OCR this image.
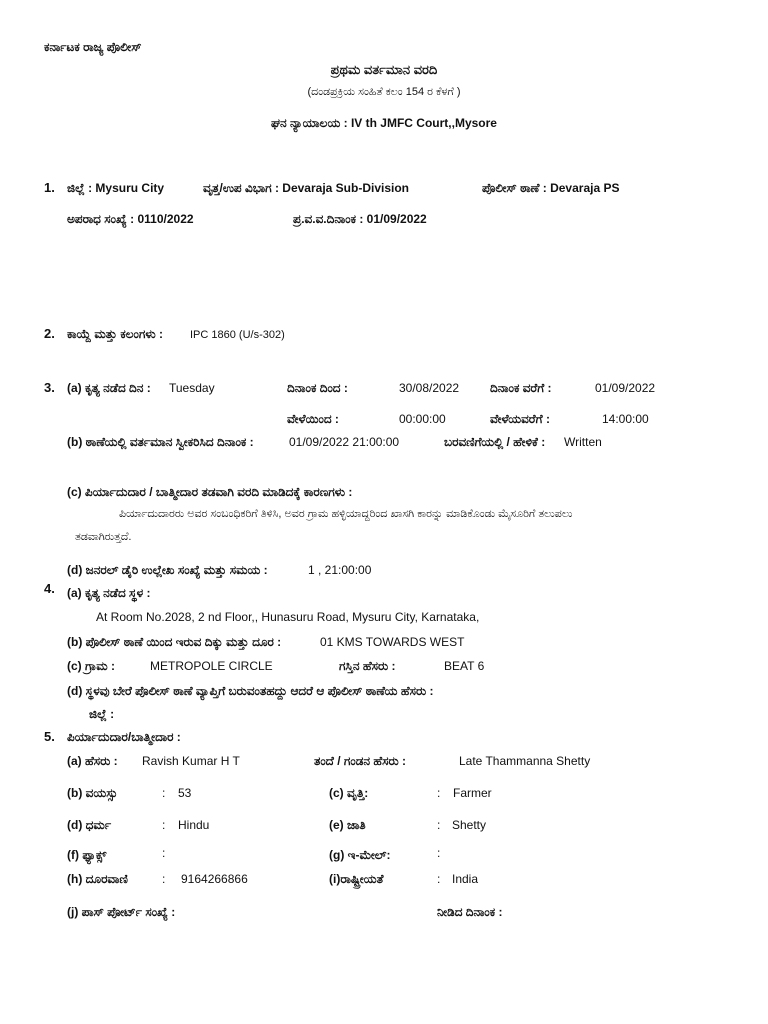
ಕರ್ನಾಟಕ ರಾಜ್ಯ ಪೊಲೀಸ್
ಪ್ರಥಮ ವರ್ತಮಾನ ವರದಿ
(ದಂಡಪ್ರಕ್ರಿಯ ಸಂಹಿತೆ ಕಲಂ 154 ರ ಕೆಳಗೆ )
ಘನ ನ್ಯಾಯಾಲಯ : IV th JMFC Court,,Mysore
1. ಜಿಲ್ಲೆ : Mysuru City	ವೃತ್ತ/ಉಪ ವಿಭಾಗ : Devaraja Sub-Division	ಪೊಲೀಸ್ ಠಾಣೆ : Devaraja PS
ಅಪರಾಧ ಸಂಖ್ಯೆ : 0110/2022	ಪ್ರ.ವ.ವ.ದಿನಾಂಕ : 01/09/2022
2. ಕಾಯ್ದೆ ಮತ್ತು ಕಲಂಗಳು : IPC 1860 (U/s-302)
3. (a) ಕೃತ್ಯ ನಡೆದ ದಿನ : Tuesday	ದಿನಾಂಕ ದಿಂದ :	30/08/2022	ದಿನಾಂಕ ವರೆಗೆ :	01/09/2022
ವೇಳೆಯಿಂದ :	00:00:00	ವೇಳೆಯವರೆಗೆ :	14:00:00
(b) ಠಾಣೆಯಲ್ಲಿ ವರ್ತಮಾನ ಸ್ವೀಕರಿಸಿದ ದಿನಾಂಕ :	01/09/2022 21:00:00	ಬರವಣಿಗೆಯಲ್ಲಿ / ಹೇಳಿಕೆ : Written
(c) ಪಿರ್ಯಾದುದಾರ / ಬಾತ್ಮೀದಾರ ತಡವಾಗಿ ವರದಿ ಮಾಡಿದಕ್ಕೆ ಕಾರಣಗಳು :
ಪಿರ್ಯಾದುದಾರರು ಅವರ ಸಂಬಂಧಿಕರಿಗೆ ತಿಳಿಸಿ, ಅವರ ಗ್ರಾಮ ಹಳ್ಳಿಯಾದ್ದರಿಂದ ಖಾಸಗಿ ಕಾರನ್ನು ಮಾಡಿಕೊಂಡು ಮೈಸೂರಿಗೆ ತಲುಪಲು
ತಡವಾಗಿರುತ್ತದೆ.
(d) ಜನರಲ್ ಡೈರಿ ಉಲ್ಲೇಖ ಸಂಖ್ಯೆ ಮತ್ತು ಸಮಯ :	1 , 21:00:00
4. (a) ಕೃತ್ಯ ನಡೆದ ಸ್ಥಳ :
At Room No.2028, 2 nd Floor,, Hunasuru Road, Mysuru City, Karnataka,
(b) ಪೊಲೀಸ್ ಠಾಣೆ ಯಿಂದ ಇರುವ ದಿಕ್ಕು ಮತ್ತು ದೂರ :	01 KMS TOWARDS WEST
(c) ಗ್ರಾಮ :	METROPOLE CIRCLE	ಗಸ್ತಿನ ಹೆಸರು :	BEAT 6
(d) ಸ್ಥಳವು ಬೇರೆ ಪೊಲೀಸ್ ಠಾಣೆ ವ್ಯಾಪ್ತಿಗೆ ಬರುವಂತಹದ್ದು ಆದರೆ ಆ ಪೊಲೀಸ್ ಠಾಣೆಯ ಹೆಸರು :
ಜಿಲ್ಲೆ :
5. ಪಿರ್ಯಾದುದಾರ/ಬಾತ್ಮೀದಾರ :
(a) ಹೆಸರು : Ravish Kumar H T	ತಂದೆ / ಗಂಡನ ಹೆಸರು :	Late Thammanna Shetty
(b) ವಯಸ್ಸು	: 53	(c) ವೃತ್ತಿ:	: Farmer
(d) ಧರ್ಮ	: Hindu	(e) ಜಾತಿ	: Shetty
(f) ಫ್ಯಾಕ್ಸ್	:	(g) ಇ-ಮೇಲ್:	:
(h) ದೂರವಾಣಿ	: 9164266866	(i)ರಾಷ್ಟ್ರೀಯತೆ	: India
(j) ಪಾಸ್ ಪೋರ್ಟ್ ಸಂಖ್ಯೆ :	ನೀಡಿದ ದಿನಾಂಕ :
